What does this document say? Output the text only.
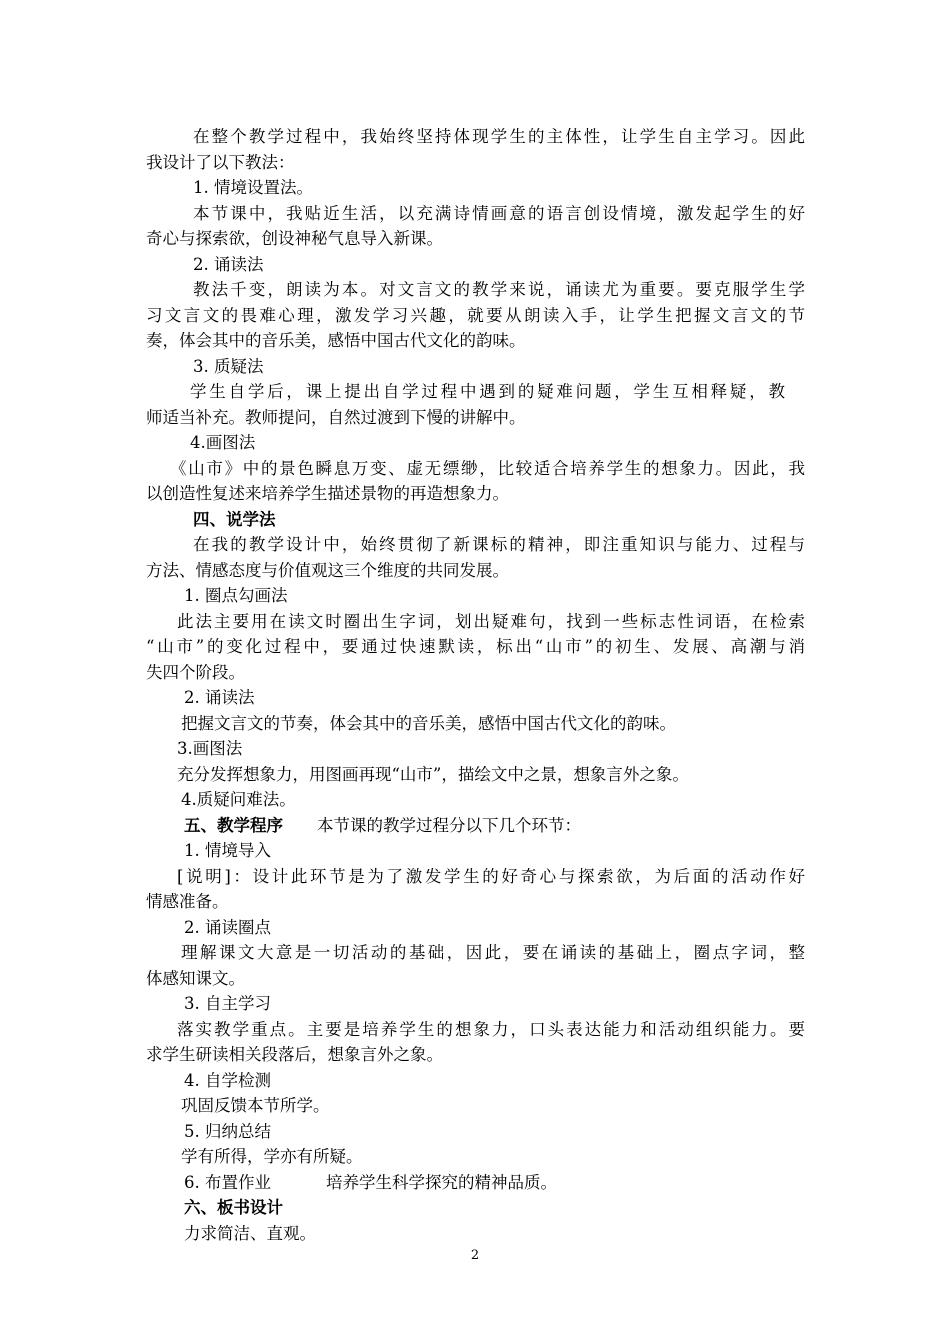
在整个教学过程中，我始终坚持体现学生的主体性，让学生自主学习。因此
我设计了以下教法：
1. 情境设置法。
本节课中，我贴近生活，以充满诗情画意的语言创设情境，激发起学生的好
奇心与探索欲，创设神秘气息导入新课。
2. 诵读法
教法千变，朗读为本。对文言文的教学来说，诵读尤为重要。要克服学生学
习文言文的畏难心理，激发学习兴趣，就要从朗读入手，让学生把握文言文的节
奏，体会其中的音乐美，感悟中国古代文化的韵味。
3. 质疑法
学生自学后，课上提出自学过程中遇到的疑难问题，学生互相释疑，教
师适当补充。教师提问，自然过渡到下慢的讲解中。
4.画图法
《山市》中的景色瞬息万变、虚无缥缈，比较适合培养学生的想象力。因此，我
以创造性复述来培养学生描述景物的再造想象力。
四、说学法
在我的教学设计中，始终贯彻了新课标的精神，即注重知识与能力、过程与
方法、情感态度与价值观这三个维度的共同发展。
1. 圈点勾画法
此法主要用在读文时圈出生字词，划出疑难句，找到一些标志性词语，在检索
“山市”的变化过程中，要通过快速默读，标出“山市”的初生、发展、高潮与消
失四个阶段。
2. 诵读法
把握文言文的节奏，体会其中的音乐美，感悟中国古代文化的韵味。
3.画图法
充分发挥想象力，用图画再现“山市”，描绘文中之景，想象言外之象。
4.质疑问难法。
五、教学程序 本节课的教学过程分以下几个环节：
1. 情境导入
[说明]：设计此环节是为了激发学生的好奇心与探索欲，为后面的活动作好
情感准备。
2. 诵读圈点
理解课文大意是一切活动的基础，因此，要在诵读的基础上，圈点字词，整
体感知课文。
3. 自主学习
落实教学重点。主要是培养学生的想象力，口头表达能力和活动组织能力。要
求学生研读相关段落后，想象言外之象。
4. 自学检测
巩固反馈本节所学。
5. 归纳总结
学有所得，学亦有所疑。
6. 布置作业	培养学生科学探究的精神品质。
六、板书设计
力求简洁、直观。
2
